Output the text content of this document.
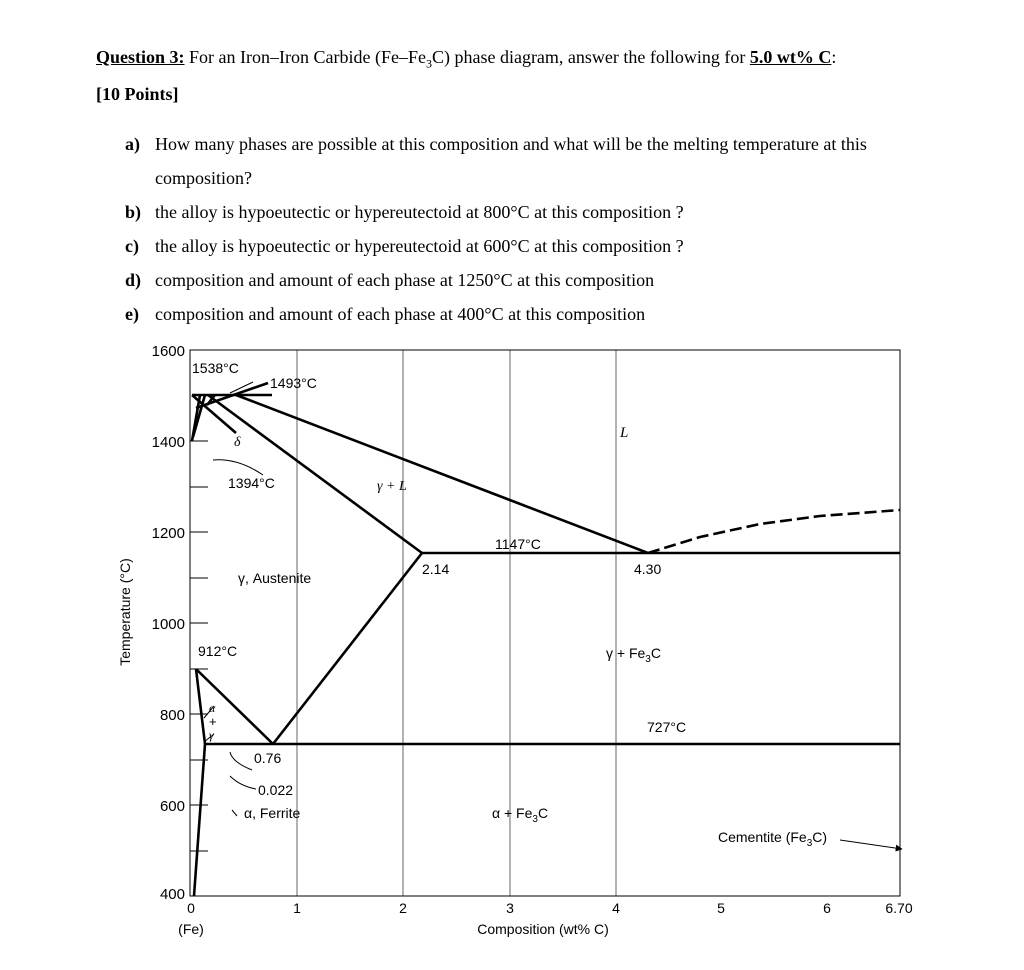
Question 3: For an Iron–Iron Carbide $(Fe-Fe_3C)$ phase diagram, answer the following for 5.0 wt% C:
[10 Points]
a) How many phases are possible at this composition and what will be the melting temperature at this
composition?
b) the alloy is hypoeutectic or hypereutectoid at 800°C at this composition ?
c) the alloy is hypoeutectic or hypereutectoid at 600°C at this composition ?
d) composition and amount of each phase at 1250°C at this composition
e) composition and amount of each phase at 400°C at this composition
Temperature (°C)
1600
1400
1200
1000
800
600
400
0	1	2	3	4	5	6	6.70
(Fe)	Composition (wt% C)
1538°C
1493°C
δ
L
1394°C	γ + L
1147°C
2.14	4.30
γ, Austenite
912°C	$\gamma + Fe_3C$
727°C
α
+
γ
0.76
0.022
α, Ferrite	$\alpha + Fe_3C$
Cementite $(Fe_3C)$
